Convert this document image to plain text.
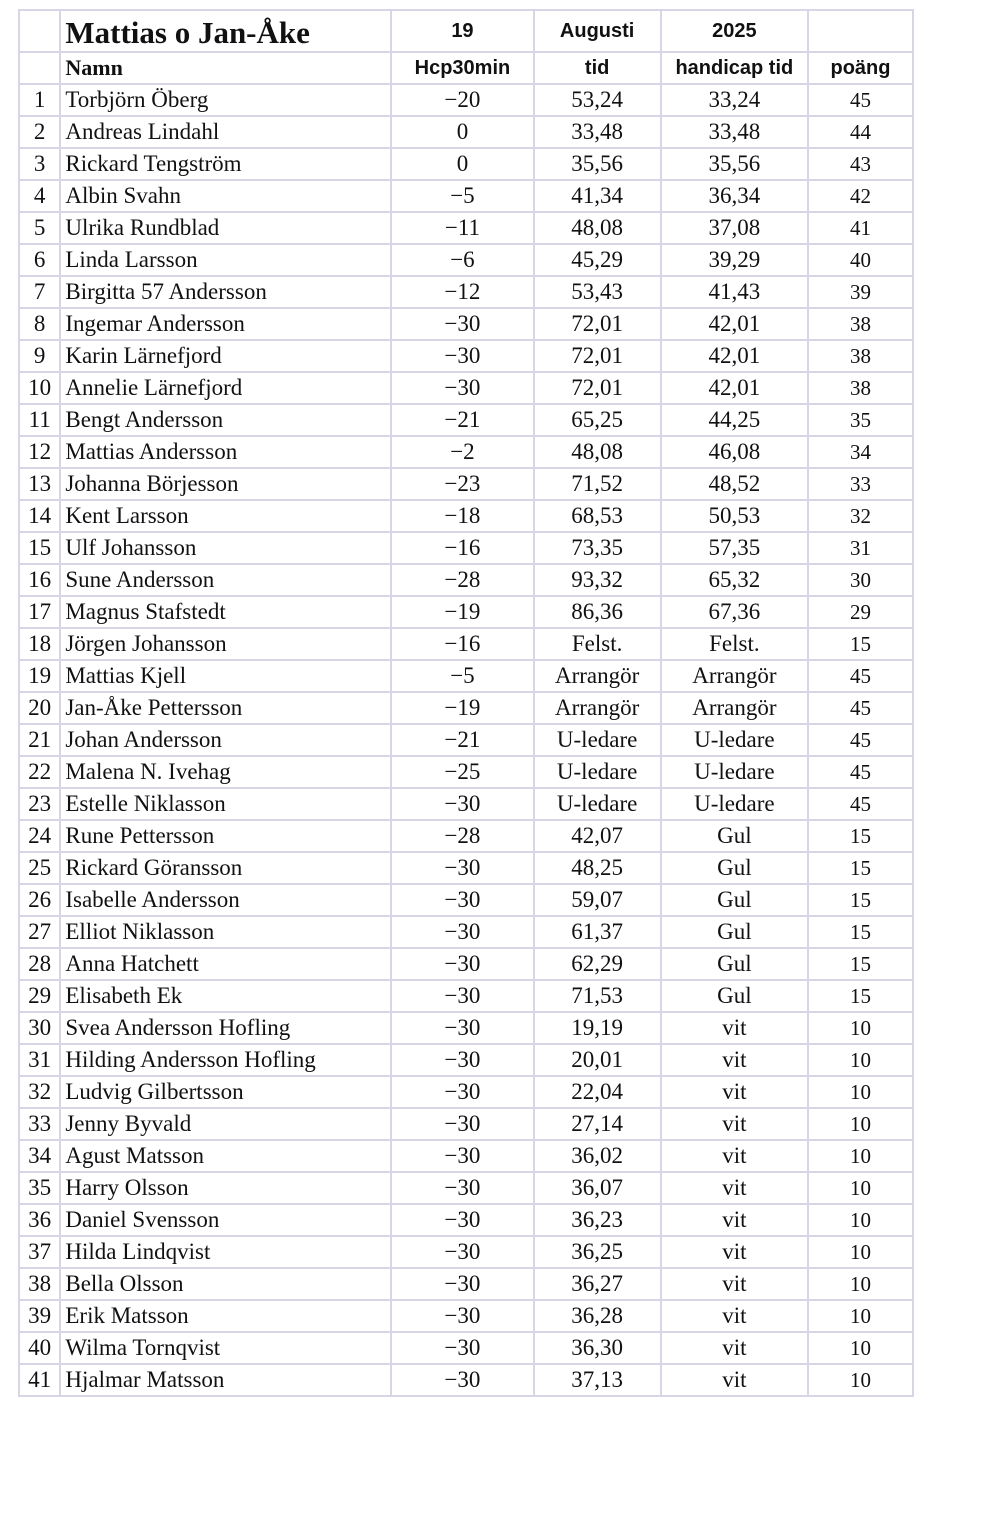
	Mattias o Jan-Åke	19	Augusti	2025	
	Namn	Hcp30min	tid	handicap tid	poäng
1	Torbjörn Öberg	−20	53,24	33,24	45
2	Andreas Lindahl	0	33,48	33,48	44
3	Rickard Tengström	0	35,56	35,56	43
4	Albin Svahn	−5	41,34	36,34	42
5	Ulrika Rundblad	−11	48,08	37,08	41
6	Linda Larsson	−6	45,29	39,29	40
7	Birgitta 57 Andersson	−12	53,43	41,43	39
8	Ingemar Andersson	−30	72,01	42,01	38
9	Karin Lärnefjord	−30	72,01	42,01	38
10	Annelie Lärnefjord	−30	72,01	42,01	38
11	Bengt Andersson	−21	65,25	44,25	35
12	Mattias Andersson	−2	48,08	46,08	34
13	Johanna Börjesson	−23	71,52	48,52	33
14	Kent Larsson	−18	68,53	50,53	32
15	Ulf Johansson	−16	73,35	57,35	31
16	Sune Andersson	−28	93,32	65,32	30
17	Magnus Stafstedt	−19	86,36	67,36	29
18	Jörgen Johansson	−16	Felst.	Felst.	15
19	Mattias Kjell	−5	Arrangör	Arrangör	45
20	Jan-Åke Pettersson	−19	Arrangör	Arrangör	45
21	Johan Andersson	−21	U-ledare	U-ledare	45
22	Malena N. Ivehag	−25	U-ledare	U-ledare	45
23	Estelle Niklasson	−30	U-ledare	U-ledare	45
24	Rune Pettersson	−28	42,07	Gul	15
25	Rickard Göransson	−30	48,25	Gul	15
26	Isabelle Andersson	−30	59,07	Gul	15
27	Elliot Niklasson	−30	61,37	Gul	15
28	Anna Hatchett	−30	62,29	Gul	15
29	Elisabeth Ek	−30	71,53	Gul	15
30	Svea Andersson Hofling	−30	19,19	vit	10
31	Hilding Andersson Hofling	−30	20,01	vit	10
32	Ludvig Gilbertsson	−30	22,04	vit	10
33	Jenny Byvald	−30	27,14	vit	10
34	Agust Matsson	−30	36,02	vit	10
35	Harry Olsson	−30	36,07	vit	10
36	Daniel Svensson	−30	36,23	vit	10
37	Hilda Lindqvist	−30	36,25	vit	10
38	Bella Olsson	−30	36,27	vit	10
39	Erik Matsson	−30	36,28	vit	10
40	Wilma Tornqvist	−30	36,30	vit	10
41	Hjalmar Matsson	−30	37,13	vit	10
